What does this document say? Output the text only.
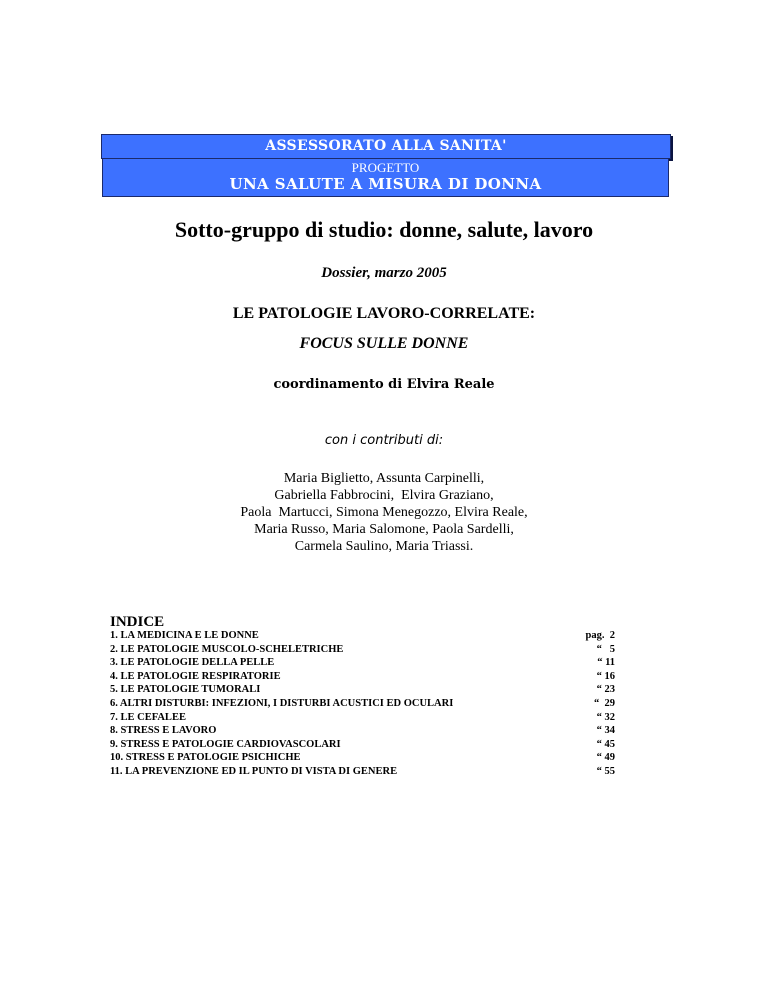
ASSESSORATO ALLA SANITA'
PROGETTO
UNA SALUTE A MISURA DI DONNA
Sotto-gruppo di studio: donne, salute, lavoro
Dossier, marzo 2005
LE PATOLOGIE LAVORO-CORRELATE:
FOCUS SULLE DONNE
coordinamento di Elvira Reale
con i contributi di:
Maria Biglietto, Assunta Carpinelli,
Gabriella Fabbrocini,  Elvira Graziano,
Paola  Martucci, Simona Menegozzo, Elvira Reale,
Maria Russo, Maria Salomone, Paola Sardelli,
Carmela Saulino, Maria Triassi.
INDICE
1. LA MEDICINA E LE DONNE	pag.  2
2. LE PATOLOGIE MUSCOLO-SCHELETRICHE	“   5
3. LE PATOLOGIE DELLA PELLE	“ 11
4. LE PATOLOGIE RESPIRATORIE	“ 16
5. LE PATOLOGIE TUMORALI	“ 23
6. ALTRI DISTURBI: INFEZIONI, I DISTURBI ACUSTICI ED OCULARI	“  29
7. LE CEFALEE	“ 32
8. STRESS E LAVORO	“ 34
9. STRESS E PATOLOGIE CARDIOVASCOLARI	“ 45
10. STRESS E PATOLOGIE PSICHICHE	“ 49
11. LA PREVENZIONE ED IL PUNTO DI VISTA DI GENERE	“ 55
